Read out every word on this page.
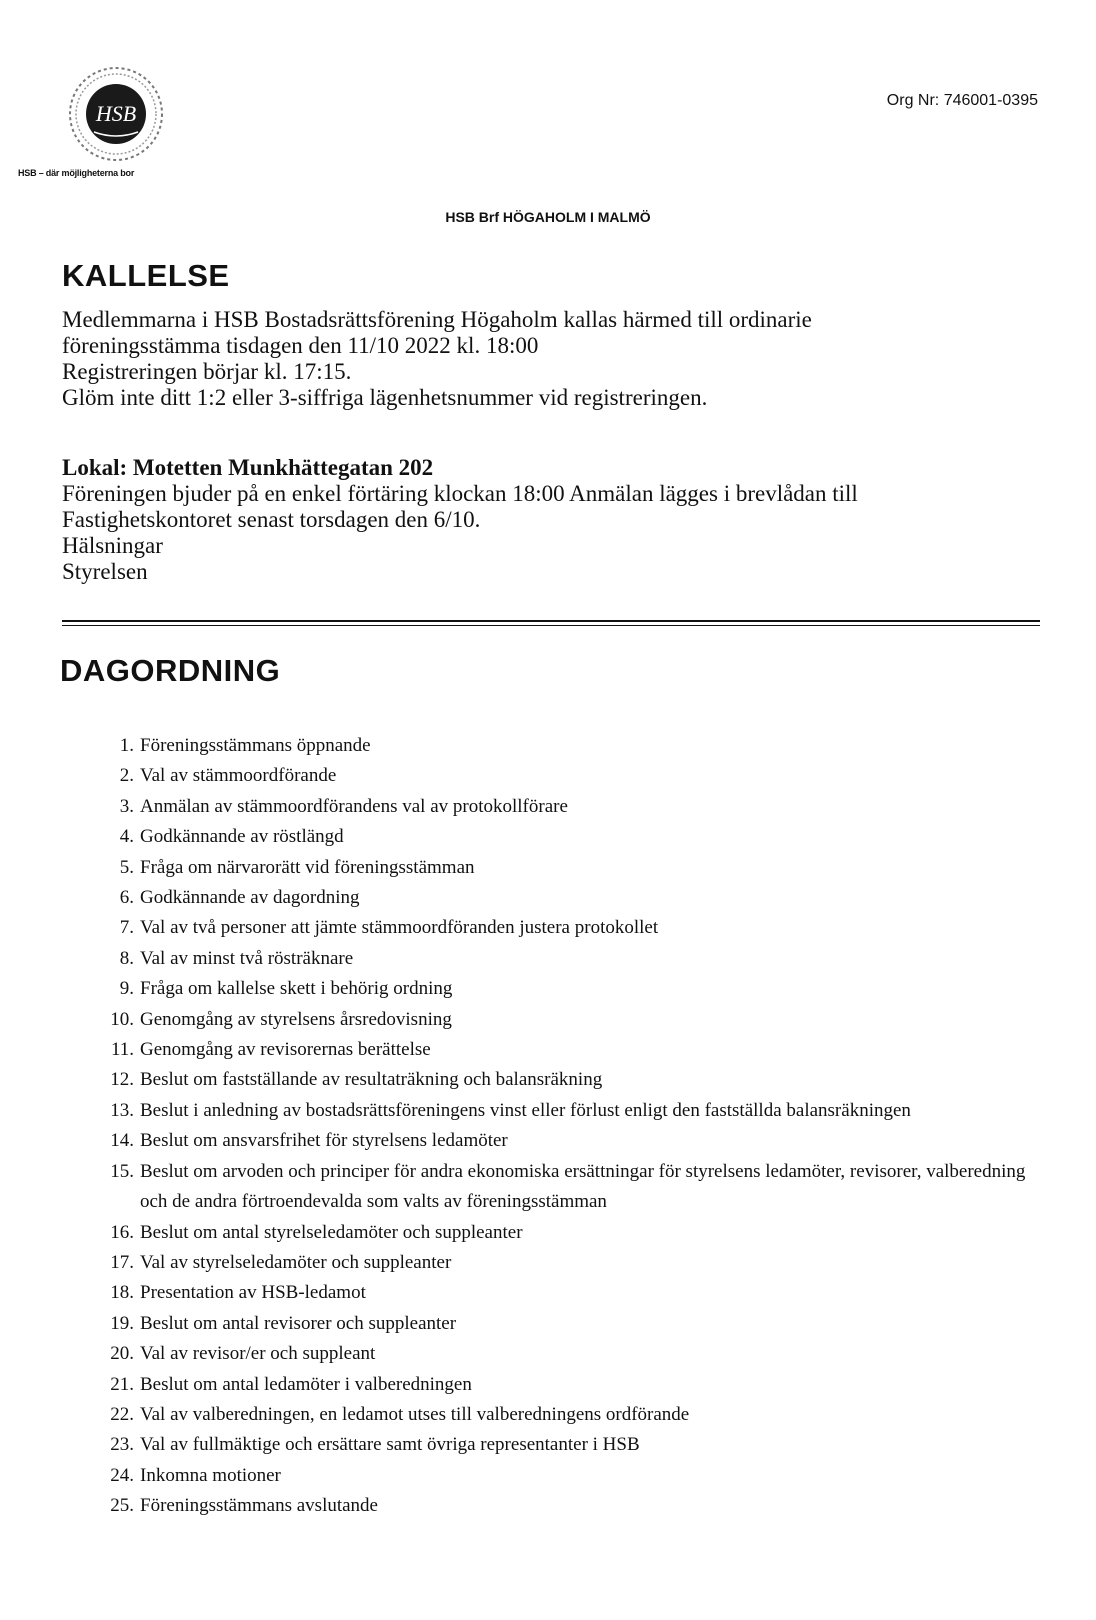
HSB
HSB – där möjligheterna bor
Org Nr: 746001-0395
HSB Brf HÖGAHOLM I MALMÖ
KALLELSE
Medlemmarna i HSB Bostadsrättsförening Högaholm kallas härmed till ordinarie
föreningsstämma tisdagen den 11/10 2022 kl. 18:00
Registreringen börjar kl. 17:15.
Glöm inte ditt 1:2 eller 3-siffriga lägenhetsnummer vid registreringen.
Lokal: Motetten Munkhättegatan 202
Föreningen bjuder på en enkel förtäring klockan 18:00 Anmälan lägges i brevlådan till
Fastighetskontoret senast torsdagen den 6/10.
Hälsningar
Styrelsen
DAGORDNING
1. Föreningsstämmans öppnande
2. Val av stämmoordförande
3. Anmälan av stämmoordförandens val av protokollförare
4. Godkännande av röstlängd
5. Fråga om närvarorätt vid föreningsstämman
6. Godkännande av dagordning
7. Val av två personer att jämte stämmoordföranden justera protokollet
8. Val av minst två rösträknare
9. Fråga om kallelse skett i behörig ordning
10. Genomgång av styrelsens årsredovisning
11. Genomgång av revisorernas berättelse
12. Beslut om fastställande av resultaträkning och balansräkning
13. Beslut i anledning av bostadsrättsföreningens vinst eller förlust enligt den fastställda balansräkningen
14. Beslut om ansvarsfrihet för styrelsens ledamöter
15. Beslut om arvoden och principer för andra ekonomiska ersättningar för styrelsens ledamöter, revisorer, valberedning och de andra förtroendevalda som valts av föreningsstämman
16. Beslut om antal styrelseledamöter och suppleanter
17. Val av styrelseledamöter och suppleanter
18. Presentation av HSB-ledamot
19. Beslut om antal revisorer och suppleanter
20. Val av revisor/er och suppleant
21. Beslut om antal ledamöter i valberedningen
22. Val av valberedningen, en ledamot utses till valberedningens ordförande
23. Val av fullmäktige och ersättare samt övriga representanter i HSB
24. Inkomna motioner
25. Föreningsstämmans avslutande
